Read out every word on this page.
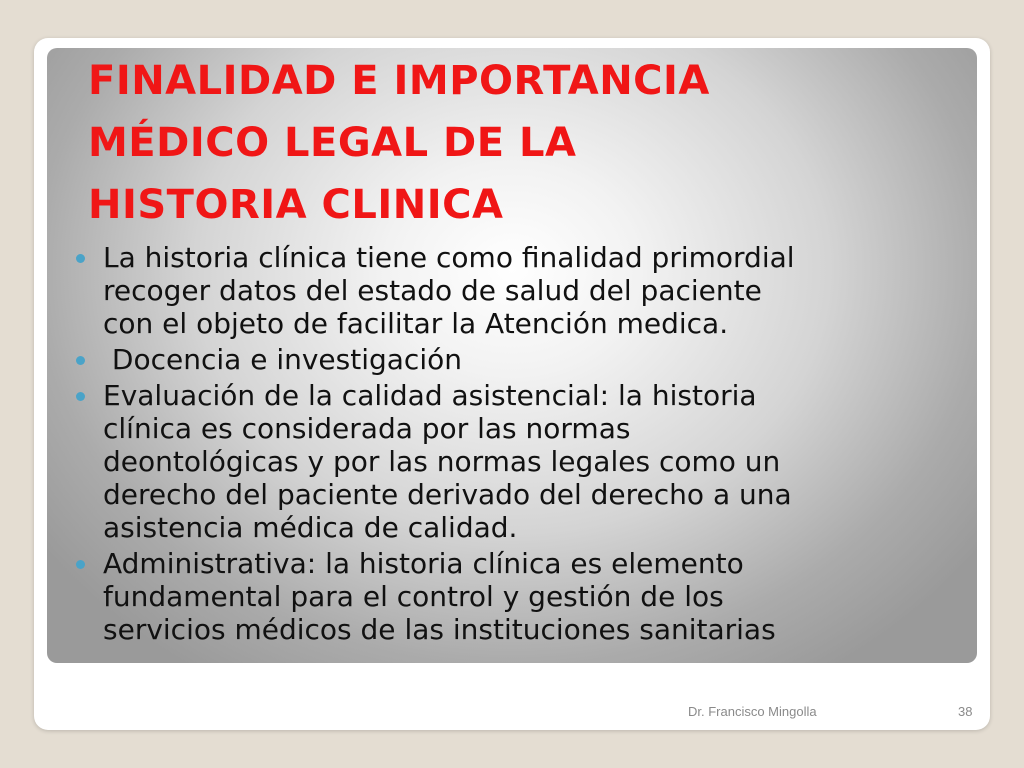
FINALIDAD E IMPORTANCIA
MÉDICO LEGAL DE LA
HISTORIA CLINICA
La historia clínica tiene como finalidad primordial
recoger datos del estado de salud del paciente
con el objeto de facilitar la Atención medica.
Docencia e investigación
Evaluación de la calidad asistencial: la historia
clínica es considerada por las normas
deontológicas y por las normas legales como un
derecho del paciente derivado del derecho a una
asistencia médica de calidad.
Administrativa: la historia clínica es elemento
fundamental para el control y gestión de los
servicios médicos de las instituciones sanitarias
Dr. Francisco Mingolla	38
